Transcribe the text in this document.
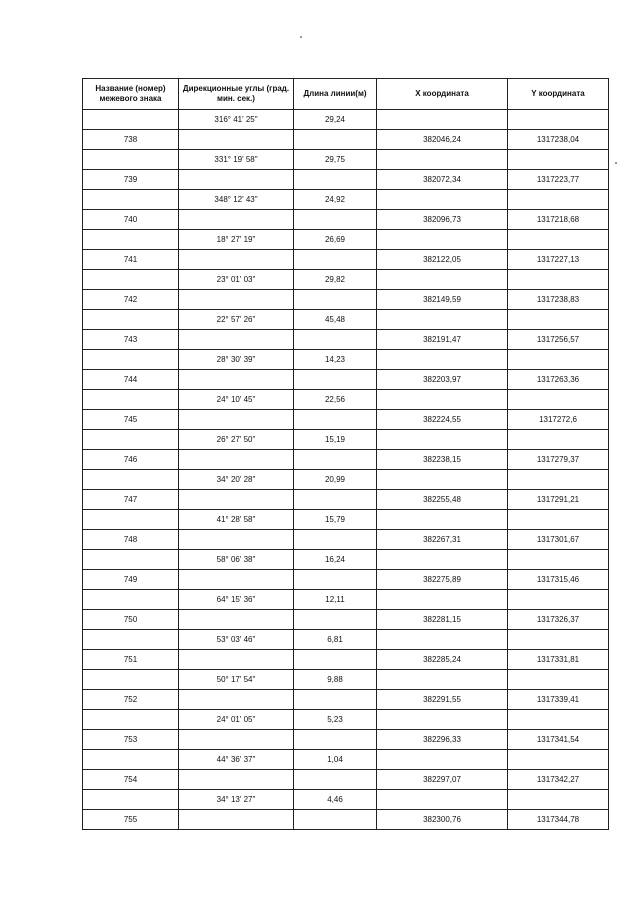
Название (номер) межевого знака	Дирекционные углы (град. мин. сек.)	Длина линии(м)	X координата	Y координата
	316° 41' 25"	29,24		
738			382046,24	1317238,04
	331° 19' 58"	29,75		
739			382072,34	1317223,77
	348° 12' 43"	24,92		
740			382096,73	1317218,68
	18° 27' 19"	26,69		
741			382122,05	1317227,13
	23° 01' 03"	29,82		
742			382149,59	1317238,83
	22° 57' 26"	45,48		
743			382191,47	1317256,57
	28° 30' 39"	14,23		
744			382203,97	1317263,36
	24° 10' 45"	22,56		
745			382224,55	1317272,6
	26° 27' 50"	15,19		
746			382238,15	1317279,37
	34° 20' 28"	20,99		
747			382255,48	1317291,21
	41° 28' 58"	15,79		
748			382267,31	1317301,67
	58° 06' 38"	16,24		
749			382275,89	1317315,46
	64° 15' 36"	12,11		
750			382281,15	1317326,37
	53° 03' 46"	6,81		
751			382285,24	1317331,81
	50° 17' 54"	9,88		
752			382291,55	1317339,41
	24° 01' 05"	5,23		
753			382296,33	1317341,54
	44° 36' 37"	1,04		
754			382297,07	1317342,27
	34° 13' 27"	4,46		
755			382300,76	1317344,78
